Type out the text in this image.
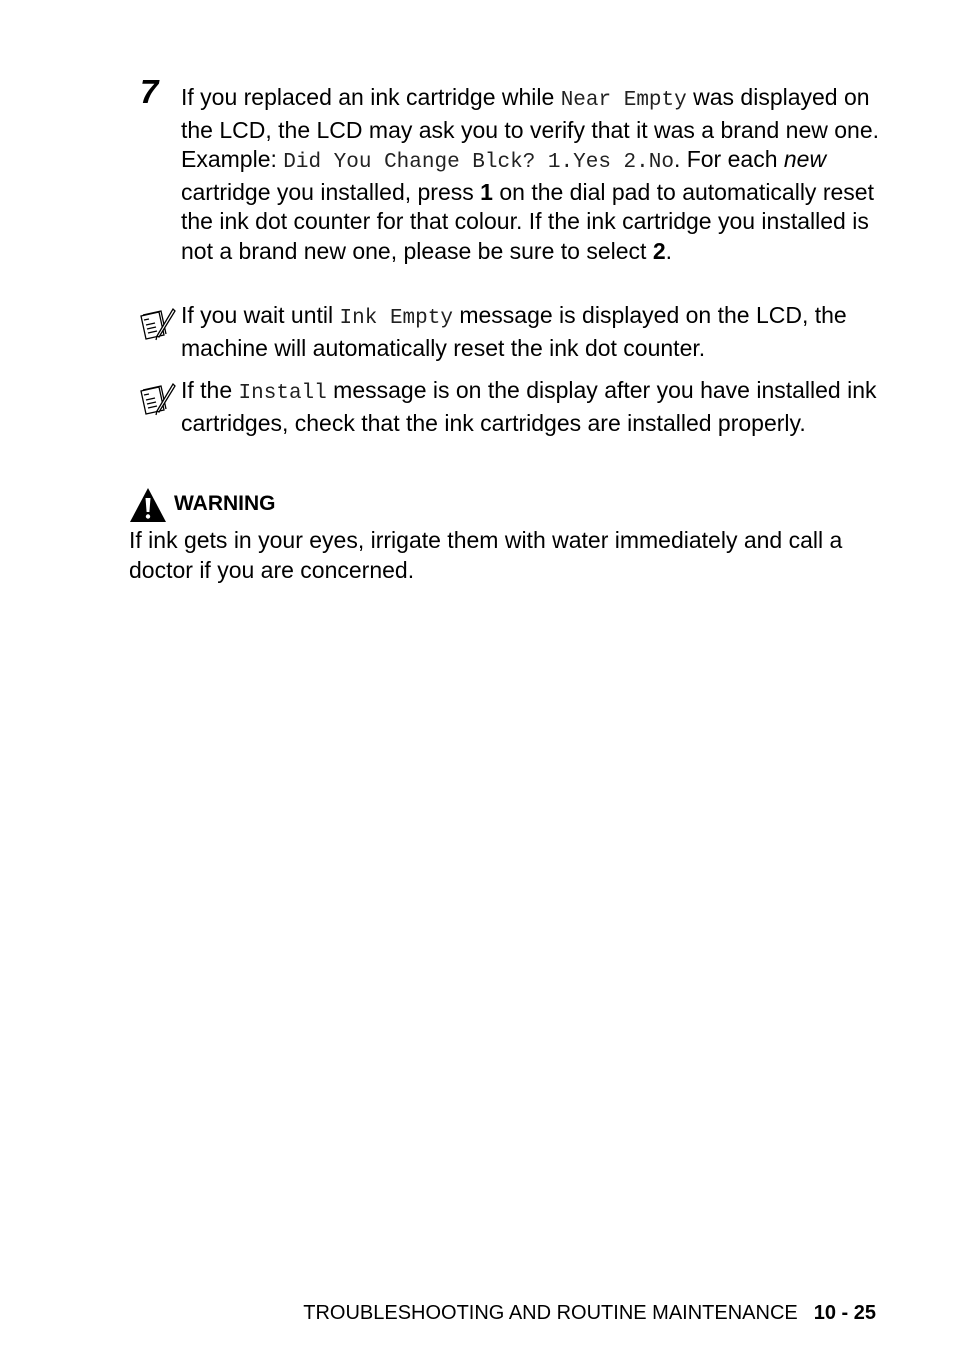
7 If you replaced an ink cartridge while Near Empty was displayed on the LCD, the LCD may ask you to verify that it was a brand new one. Example: Did You Change Blck? 1.Yes 2.No. For each new cartridge you installed, press 1 on the dial pad to automatically reset the ink dot counter for that colour. If the ink cartridge you installed is not a brand new one, please be sure to select 2.
If you wait until Ink Empty message is displayed on the LCD, the machine will automatically reset the ink dot counter.
If the Install message is on the display after you have installed ink cartridges, check that the ink cartridges are installed properly.
WARNING
If ink gets in your eyes, irrigate them with water immediately and call a doctor if you are concerned.
TROUBLESHOOTING AND ROUTINE MAINTENANCE 10 - 25
